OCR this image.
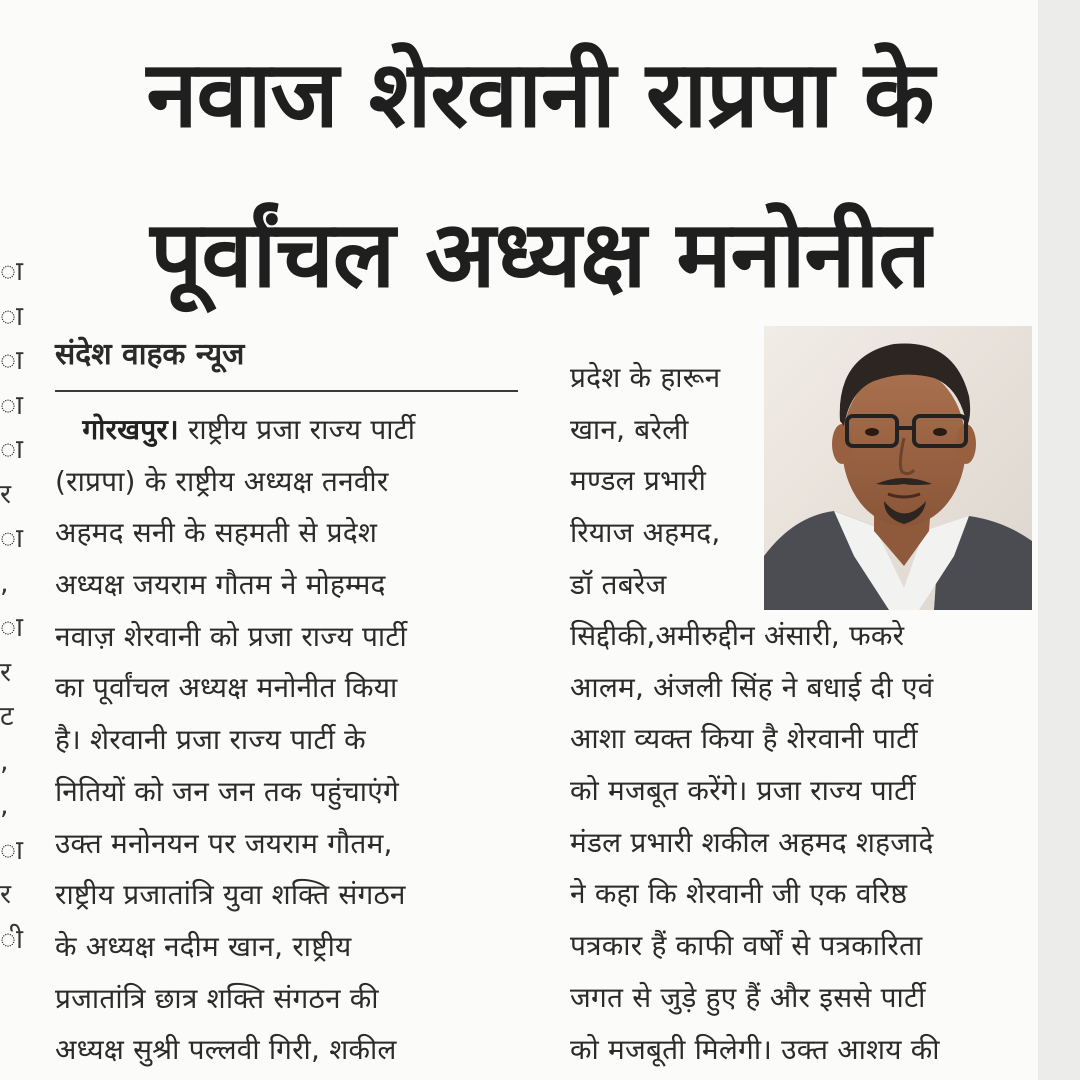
ा
ा
ा
ा
ा
र
ा
,
ा
र
ट
,
,
ा
र
ी
नवाज शेरवानी राप्रपा के
पूर्वांचल अध्यक्ष मनोनीत

संदेश वाहक न्यूज

गोरखपुर। राष्ट्रीय प्रजा राज्य पार्टी
(राप्रपा) के राष्ट्रीय अध्यक्ष तनवीर
अहमद सनी के सहमती से प्रदेश
अध्यक्ष जयराम गौतम ने मोहम्मद
नवाज़ शेरवानी को प्रजा राज्य पार्टी
का पूर्वांचल अध्यक्ष मनोनीत किया
है। शेरवानी प्रजा राज्य पार्टी के
नितियों को जन जन तक पहुंचाएंगे
उक्त मनोनयन पर जयराम गौतम,
राष्ट्रीय प्रजातांत्रि युवा शक्ति संगठन
के अध्यक्ष नदीम खान, राष्ट्रीय
प्रजातांत्रि छात्र शक्ति संगठन की
अध्यक्ष सुश्री पल्लवी गिरी, शकील
प्रदेश के हारून
खान, बरेली
मण्डल प्रभारी
रियाज अहमद,
डॉ तबरेज
सिद्दीकी,अमीरुद्दीन अंसारी, फकरे
आलम, अंजली सिंह ने बधाई दी एवं
आशा व्यक्त किया है शेरवानी पार्टी
को मजबूत करेंगे। प्रजा राज्य पार्टी
मंडल प्रभारी शकील अहमद शहजादे
ने कहा कि शेरवानी जी एक वरिष्ठ
पत्रकार हैं काफी वर्षों से पत्रकारिता
जगत से जुड़े हुए हैं और इससे पार्टी
को मजबूती मिलेगी। उक्त आशय की
